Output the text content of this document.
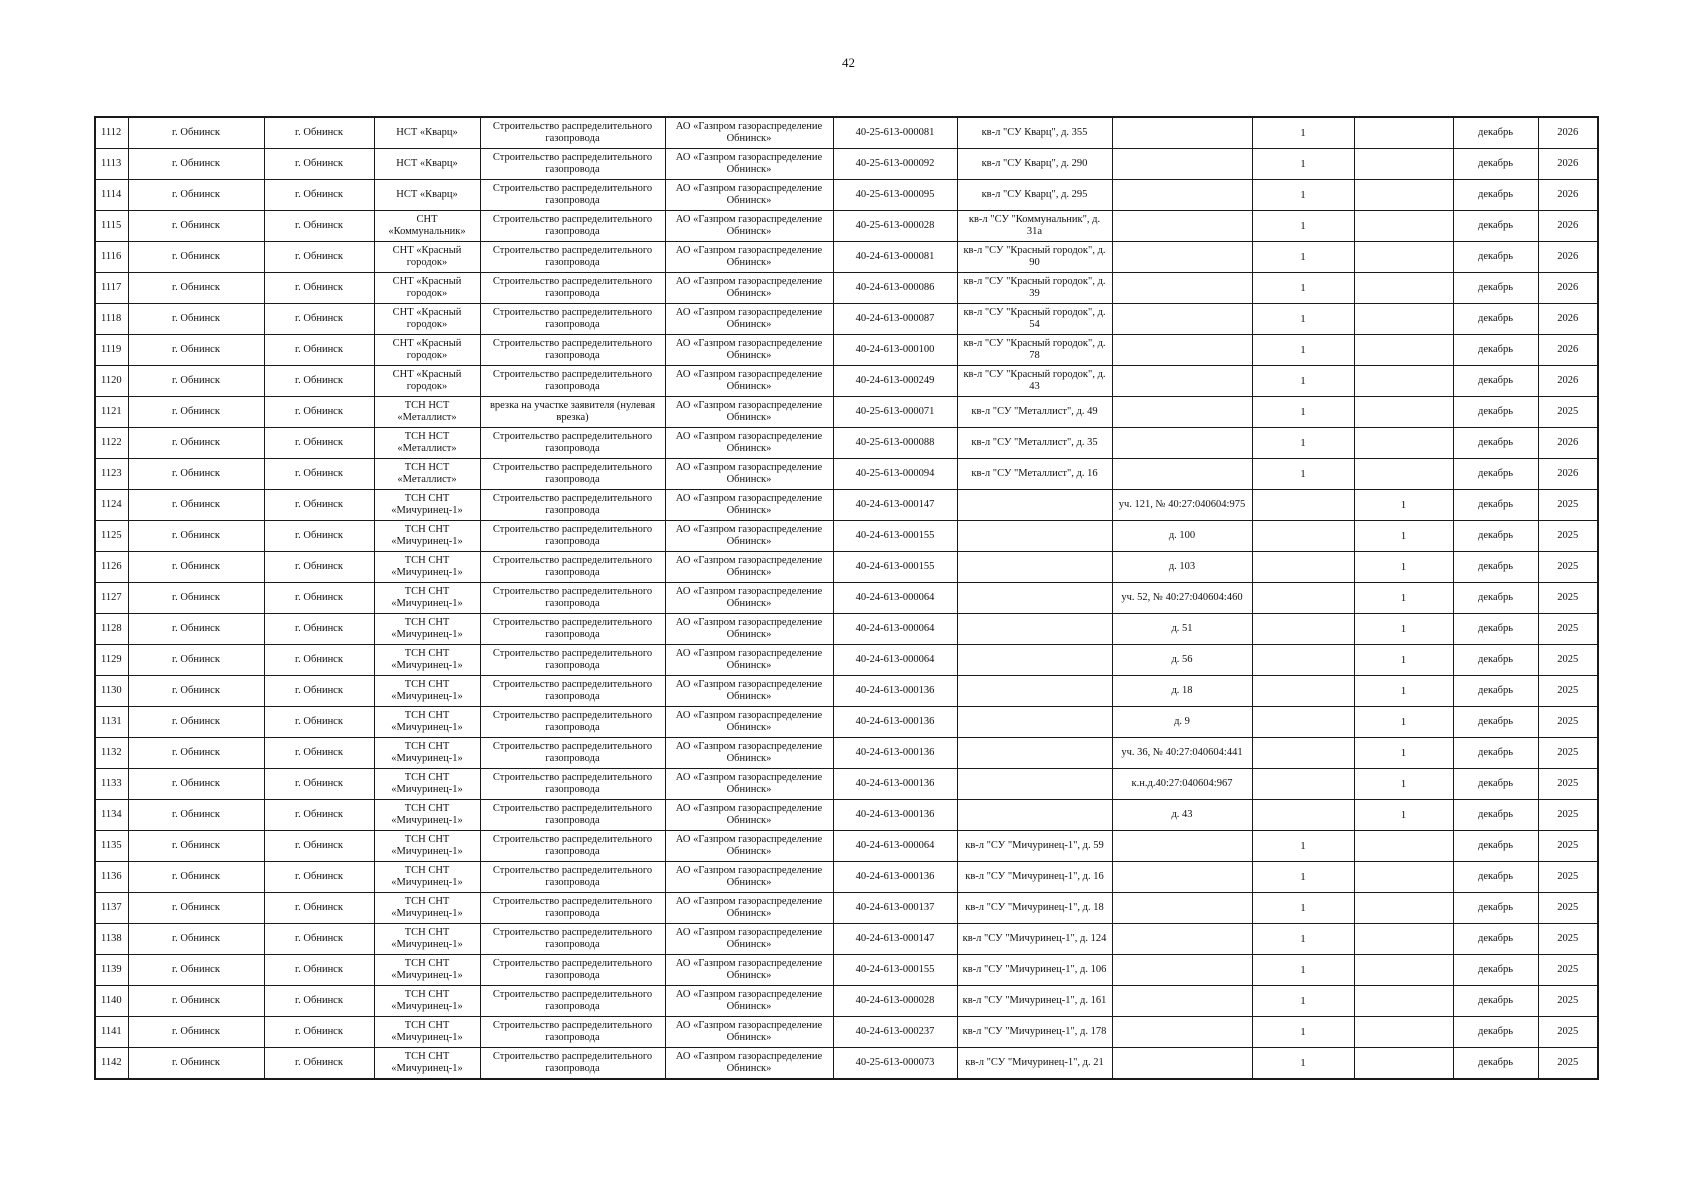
42
1112	г. Обнинск	г. Обнинск	НСТ «Кварц»	Строительство распределительного газопровода	АО «Газпром газораспределение Обнинск»	40-25-613-000081	кв-л "СУ Кварц", д. 355		1		декабрь	2026
1113	г. Обнинск	г. Обнинск	НСТ «Кварц»	Строительство распределительного газопровода	АО «Газпром газораспределение Обнинск»	40-25-613-000092	кв-л "СУ Кварц", д. 290		1		декабрь	2026
1114	г. Обнинск	г. Обнинск	НСТ «Кварц»	Строительство распределительного газопровода	АО «Газпром газораспределение Обнинск»	40-25-613-000095	кв-л "СУ Кварц", д. 295		1		декабрь	2026
1115	г. Обнинск	г. Обнинск	СНТ «Коммунальник»	Строительство распределительного газопровода	АО «Газпром газораспределение Обнинск»	40-25-613-000028	кв-л "СУ "Коммунальник", д. 31а		1		декабрь	2026
1116	г. Обнинск	г. Обнинск	СНТ «Красный городок»	Строительство распределительного газопровода	АО «Газпром газораспределение Обнинск»	40-24-613-000081	кв-л "СУ "Красный городок", д. 90		1		декабрь	2026
1117	г. Обнинск	г. Обнинск	СНТ «Красный городок»	Строительство распределительного газопровода	АО «Газпром газораспределение Обнинск»	40-24-613-000086	кв-л "СУ "Красный городок", д. 39		1		декабрь	2026
1118	г. Обнинск	г. Обнинск	СНТ «Красный городок»	Строительство распределительного газопровода	АО «Газпром газораспределение Обнинск»	40-24-613-000087	кв-л "СУ "Красный городок", д. 54		1		декабрь	2026
1119	г. Обнинск	г. Обнинск	СНТ «Красный городок»	Строительство распределительного газопровода	АО «Газпром газораспределение Обнинск»	40-24-613-000100	кв-л "СУ "Красный городок", д. 78		1		декабрь	2026
1120	г. Обнинск	г. Обнинск	СНТ «Красный городок»	Строительство распределительного газопровода	АО «Газпром газораспределение Обнинск»	40-24-613-000249	кв-л "СУ "Красный городок", д. 43		1		декабрь	2026
1121	г. Обнинск	г. Обнинск	ТСН НСТ «Металлист»	врезка на участке заявителя (нулевая врезка)	АО «Газпром газораспределение Обнинск»	40-25-613-000071	кв-л "СУ "Металлист", д. 49		1		декабрь	2025
1122	г. Обнинск	г. Обнинск	ТСН НСТ «Металлист»	Строительство распределительного газопровода	АО «Газпром газораспределение Обнинск»	40-25-613-000088	кв-л "СУ "Металлист", д. 35		1		декабрь	2026
1123	г. Обнинск	г. Обнинск	ТСН НСТ «Металлист»	Строительство распределительного газопровода	АО «Газпром газораспределение Обнинск»	40-25-613-000094	кв-л "СУ "Металлист", д. 16		1		декабрь	2026
1124	г. Обнинск	г. Обнинск	ТСН СНТ «Мичуринец-1»	Строительство распределительного газопровода	АО «Газпром газораспределение Обнинск»	40-24-613-000147		уч. 121, № 40:27:040604:975		1	декабрь	2025
1125	г. Обнинск	г. Обнинск	ТСН СНТ «Мичуринец-1»	Строительство распределительного газопровода	АО «Газпром газораспределение Обнинск»	40-24-613-000155		д. 100		1	декабрь	2025
1126	г. Обнинск	г. Обнинск	ТСН СНТ «Мичуринец-1»	Строительство распределительного газопровода	АО «Газпром газораспределение Обнинск»	40-24-613-000155		д. 103		1	декабрь	2025
1127	г. Обнинск	г. Обнинск	ТСН СНТ «Мичуринец-1»	Строительство распределительного газопровода	АО «Газпром газораспределение Обнинск»	40-24-613-000064		уч. 52, № 40:27:040604:460		1	декабрь	2025
1128	г. Обнинск	г. Обнинск	ТСН СНТ «Мичуринец-1»	Строительство распределительного газопровода	АО «Газпром газораспределение Обнинск»	40-24-613-000064		д. 51		1	декабрь	2025
1129	г. Обнинск	г. Обнинск	ТСН СНТ «Мичуринец-1»	Строительство распределительного газопровода	АО «Газпром газораспределение Обнинск»	40-24-613-000064		д. 56		1	декабрь	2025
1130	г. Обнинск	г. Обнинск	ТСН СНТ «Мичуринец-1»	Строительство распределительного газопровода	АО «Газпром газораспределение Обнинск»	40-24-613-000136		д. 18		1	декабрь	2025
1131	г. Обнинск	г. Обнинск	ТСН СНТ «Мичуринец-1»	Строительство распределительного газопровода	АО «Газпром газораспределение Обнинск»	40-24-613-000136		д. 9		1	декабрь	2025
1132	г. Обнинск	г. Обнинск	ТСН СНТ «Мичуринец-1»	Строительство распределительного газопровода	АО «Газпром газораспределение Обнинск»	40-24-613-000136		уч. 36, № 40:27:040604:441		1	декабрь	2025
1133	г. Обнинск	г. Обнинск	ТСН СНТ «Мичуринец-1»	Строительство распределительного газопровода	АО «Газпром газораспределение Обнинск»	40-24-613-000136		к.н.д.40:27:040604:967		1	декабрь	2025
1134	г. Обнинск	г. Обнинск	ТСН СНТ «Мичуринец-1»	Строительство распределительного газопровода	АО «Газпром газораспределение Обнинск»	40-24-613-000136		д. 43		1	декабрь	2025
1135	г. Обнинск	г. Обнинск	ТСН СНТ «Мичуринец-1»	Строительство распределительного газопровода	АО «Газпром газораспределение Обнинск»	40-24-613-000064	кв-л "СУ "Мичуринец-1", д. 59		1		декабрь	2025
1136	г. Обнинск	г. Обнинск	ТСН СНТ «Мичуринец-1»	Строительство распределительного газопровода	АО «Газпром газораспределение Обнинск»	40-24-613-000136	кв-л "СУ "Мичуринец-1", д. 16		1		декабрь	2025
1137	г. Обнинск	г. Обнинск	ТСН СНТ «Мичуринец-1»	Строительство распределительного газопровода	АО «Газпром газораспределение Обнинск»	40-24-613-000137	кв-л "СУ "Мичуринец-1", д. 18		1		декабрь	2025
1138	г. Обнинск	г. Обнинск	ТСН СНТ «Мичуринец-1»	Строительство распределительного газопровода	АО «Газпром газораспределение Обнинск»	40-24-613-000147	кв-л "СУ "Мичуринец-1", д. 124		1		декабрь	2025
1139	г. Обнинск	г. Обнинск	ТСН СНТ «Мичуринец-1»	Строительство распределительного газопровода	АО «Газпром газораспределение Обнинск»	40-24-613-000155	кв-л "СУ "Мичуринец-1", д. 106		1		декабрь	2025
1140	г. Обнинск	г. Обнинск	ТСН СНТ «Мичуринец-1»	Строительство распределительного газопровода	АО «Газпром газораспределение Обнинск»	40-24-613-000028	кв-л "СУ "Мичуринец-1", д. 161		1		декабрь	2025
1141	г. Обнинск	г. Обнинск	ТСН СНТ «Мичуринец-1»	Строительство распределительного газопровода	АО «Газпром газораспределение Обнинск»	40-24-613-000237	кв-л "СУ "Мичуринец-1", д. 178		1		декабрь	2025
1142	г. Обнинск	г. Обнинск	ТСН СНТ «Мичуринец-1»	Строительство распределительного газопровода	АО «Газпром газораспределение Обнинск»	40-25-613-000073	кв-л "СУ "Мичуринец-1", д. 21		1		декабрь	2025
